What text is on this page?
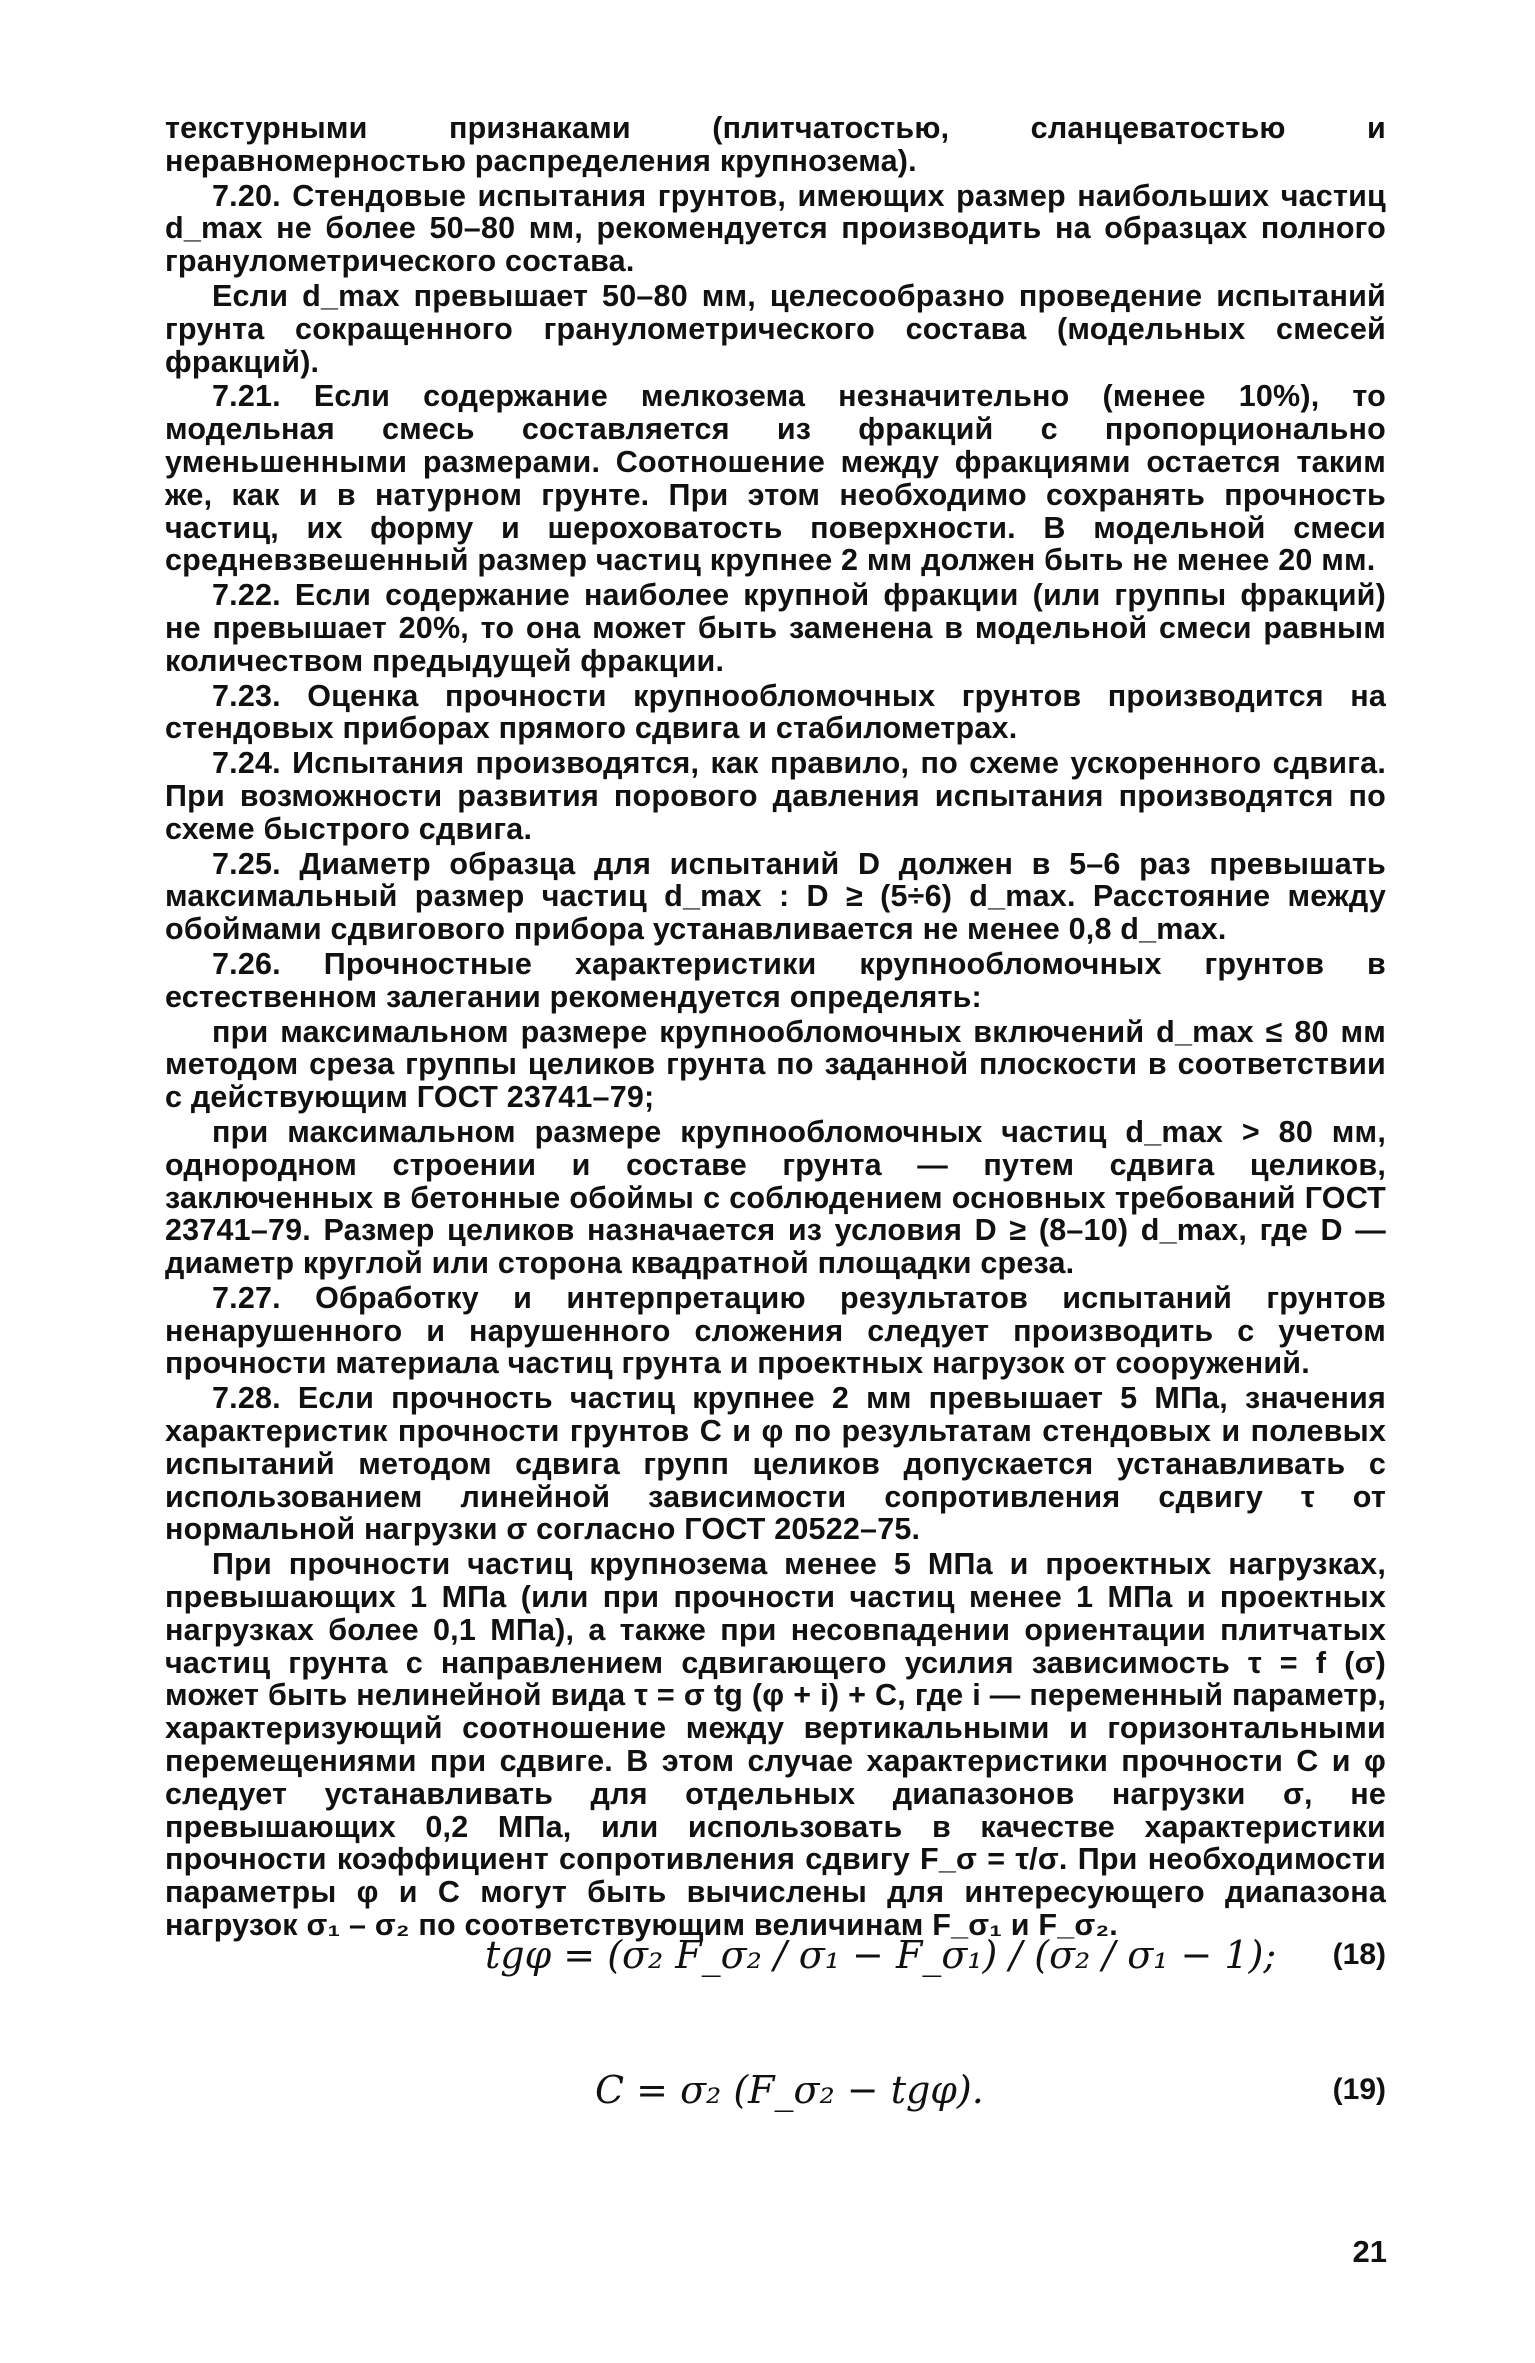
текстурными признаками (плитчатостью, сланцеватостью и неравномерностью распределения крупнозема).

7.20. Стендовые испытания грунтов, имеющих размер наибольших частиц d_max не более 50–80 мм, рекомендуется производить на образцах полного гранулометрического состава.

Если d_max превышает 50–80 мм, целесообразно проведение испытаний грунта сокращенного гранулометрического состава (модельных смесей фракций).

7.21. Если содержание мелкозема незначительно (менее 10%), то модельная смесь составляется из фракций с пропорционально уменьшенными размерами. Соотношение между фракциями остается таким же, как и в натурном грунте. При этом необходимо сохранять прочность частиц, их форму и шероховатость поверхности. В модельной смеси средневзвешенный размер частиц крупнее 2 мм должен быть не менее 20 мм.

7.22. Если содержание наиболее крупной фракции (или группы фракций) не превышает 20%, то она может быть заменена в модельной смеси равным количеством предыдущей фракции.

7.23. Оценка прочности крупнообломочных грунтов производится на стендовых приборах прямого сдвига и стабилометрах.

7.24. Испытания производятся, как правило, по схеме ускоренного сдвига. При возможности развития порового давления испытания производятся по схеме быстрого сдвига.

7.25. Диаметр образца для испытаний D должен в 5–6 раз превышать максимальный размер частиц d_max : D ≥ (5÷6) d_max. Расстояние между обоймами сдвигового прибора устанавливается не менее 0,8 d_max.

7.26. Прочностные характеристики крупнообломочных грунтов в естественном залегании рекомендуется определять:

при максимальном размере крупнообломочных включений d_max ≤ 80 мм методом среза группы целиков грунта по заданной плоскости в соответствии с действующим ГОСТ 23741–79;

при максимальном размере крупнообломочных частиц d_max > 80 мм, однородном строении и составе грунта — путем сдвига целиков, заключенных в бетонные обоймы с соблюдением основных требований ГОСТ 23741–79. Размер целиков назначается из условия D ≥ (8–10) d_max, где D — диаметр круглой или сторона квадратной площадки среза.

7.27. Обработку и интерпретацию результатов испытаний грунтов ненарушенного и нарушенного сложения следует производить с учетом прочности материала частиц грунта и проектных нагрузок от сооружений.

7.28. Если прочность частиц крупнее 2 мм превышает 5 МПа, значения характеристик прочности грунтов C и φ по результатам стендовых и полевых испытаний методом сдвига групп целиков допускается устанавливать с использованием линейной зависимости сопротивления сдвигу τ от нормальной нагрузки σ согласно ГОСТ 20522–75.

При прочности частиц крупнозема менее 5 МПа и проектных нагрузках, превышающих 1 МПа (или при прочности частиц менее 1 МПа и проектных нагрузках более 0,1 МПа), а также при несовпадении ориентации плитчатых частиц грунта с направлением сдвигающего усилия зависимость τ = f (σ) может быть нелинейной вида τ = σ tg (φ + i) + C, где i — переменный параметр, характеризующий соотношение между вертикальными и горизонтальными перемещениями при сдвиге. В этом случае характеристики прочности C и φ следует устанавливать для отдельных диапазонов нагрузки σ, не превышающих 0,2 МПа, или использовать в качестве характеристики прочности коэффициент сопротивления сдвигу F_σ = τ/σ. При необходимости параметры φ и C могут быть вычислены для интересующего диапазона нагрузок σ₁ – σ₂ по соответствующим величинам F_σ₁ и F_σ₂.

tgφ = (σ₂ F_σ₂ / σ₁ − F_σ₁) / (σ₂ / σ₁ − 1); (18)
C = σ₂ (F_σ₂ − tgφ).	(19)
21
